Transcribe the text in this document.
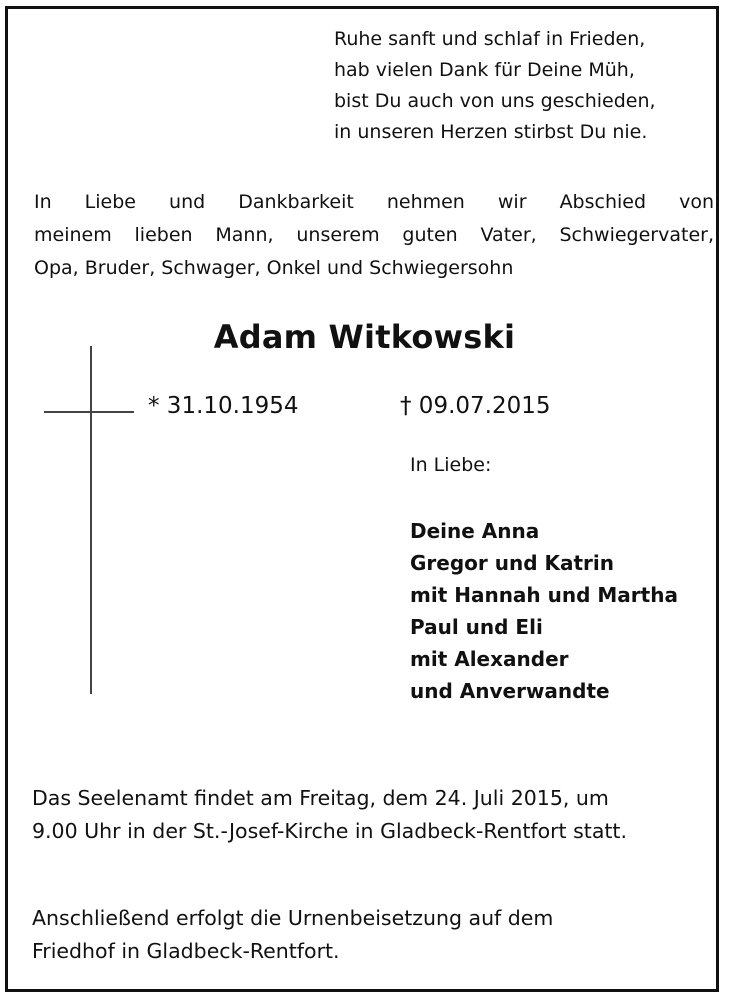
Ruhe sanft und schlaf in Frieden,
hab vielen Dank für Deine Müh,
bist Du auch von uns geschieden,
in unseren Herzen stirbst Du nie.
In Liebe und Dankbarkeit nehmen wir Abschied von
meinem lieben Mann, unserem guten Vater, Schwiegervater,
Opa, Bruder, Schwager, Onkel und Schwiegersohn
Adam Witkowski
* 31.10.1954	† 09.07.2015
In Liebe:
Deine Anna
Gregor und Katrin
mit Hannah und Martha
Paul und Eli
mit Alexander
und Anverwandte
Das Seelenamt findet am Freitag, dem 24. Juli 2015, um
9.00 Uhr in der St.-Josef-Kirche in Gladbeck-Rentfort statt.
Anschließend erfolgt die Urnenbeisetzung auf dem
Friedhof in Gladbeck-Rentfort.
